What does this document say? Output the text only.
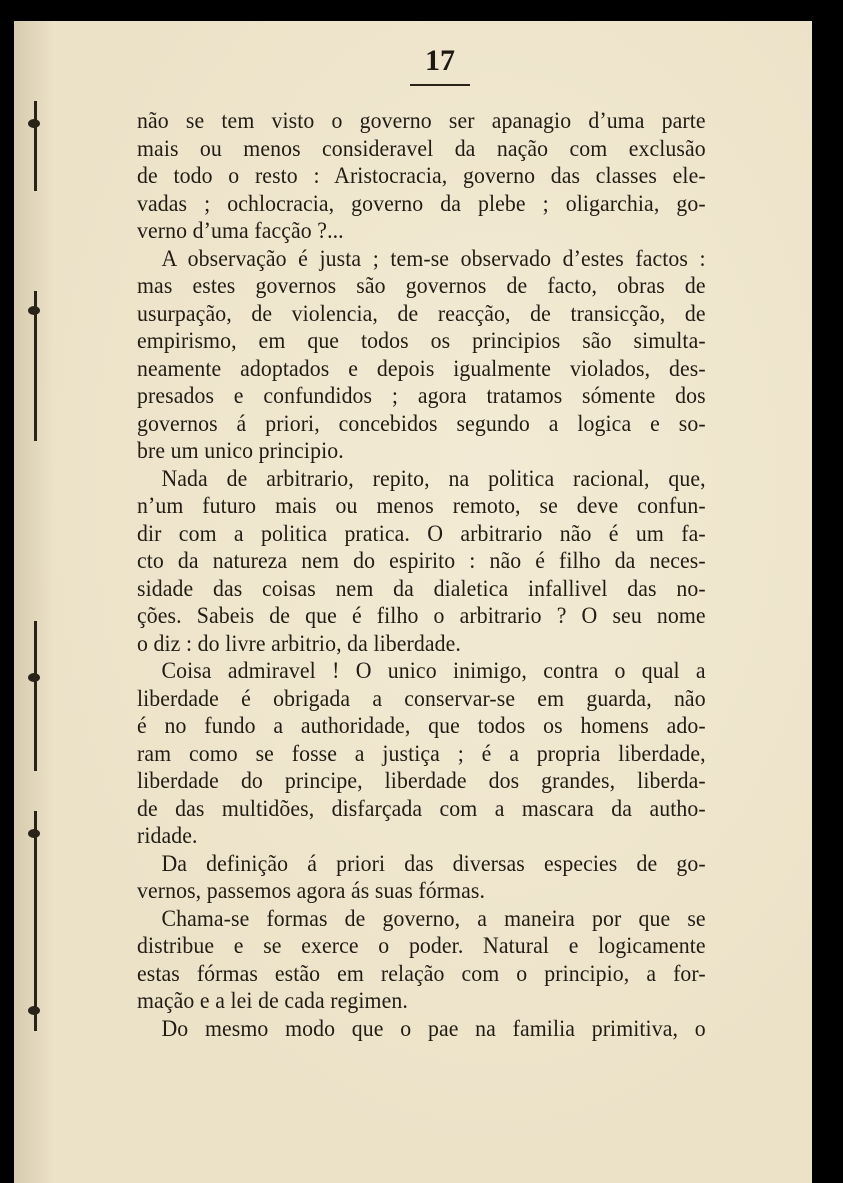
17
não se tem visto o governo ser apanagio d’uma parte
mais ou menos consideravel da nação com exclusão
de todo o resto : Aristocracia, governo das classes ele-
vadas ; ochlocracia, governo da plebe ; oligarchia, go-
verno d’uma facção ?...
A observação é justa ; tem-se observado d’estes factos :
mas estes governos são governos de facto, obras de
usurpação, de violencia, de reacção, de transicção, de
empirismo, em que todos os principios são simulta-
neamente adoptados e depois igualmente violados, des-
presados e confundidos ; agora tratamos sómente dos
governos á priori, concebidos segundo a logica e so-
bre um unico principio.
Nada de arbitrario, repito, na politica racional, que,
n’um futuro mais ou menos remoto, se deve confun-
dir com a politica pratica. O arbitrario não é um fa-
cto da natureza nem do espirito : não é filho da neces-
sidade das coisas nem da dialetica infallivel das no-
ções. Sabeis de que é filho o arbitrario ? O seu nome
o diz : do livre arbitrio, da liberdade.
Coisa admiravel ! O unico inimigo, contra o qual a
liberdade é obrigada a conservar-se em guarda, não
é no fundo a authoridade, que todos os homens ado-
ram como se fosse a justiça ; é a propria liberdade,
liberdade do principe, liberdade dos grandes, liberda-
de das multidões, disfarçada com a mascara da autho-
ridade.
Da definição á priori das diversas especies de go-
vernos, passemos agora ás suas fórmas.
Chama-se formas de governo, a maneira por que se
distribue e se exerce o poder. Natural e logicamente
estas fórmas estão em relação com o principio, a for-
mação e a lei de cada regimen.
Do mesmo modo que o pae na familia primitiva, o
